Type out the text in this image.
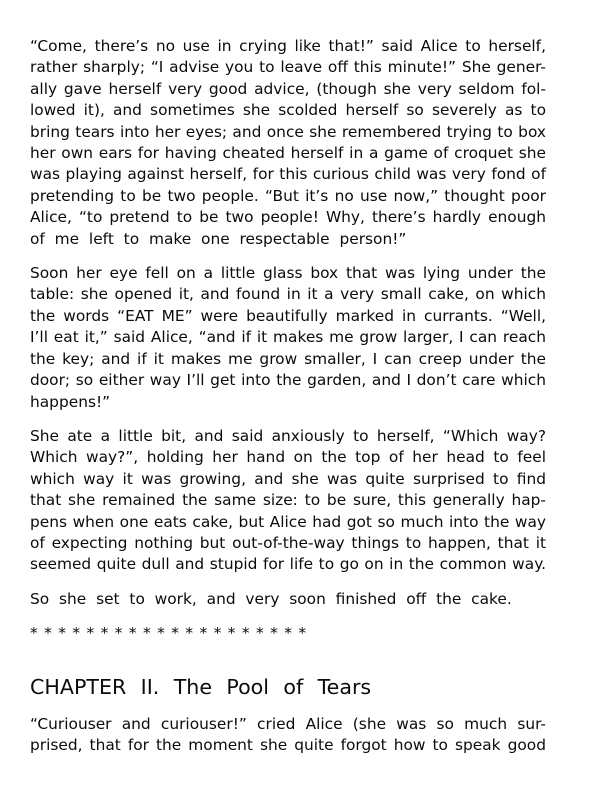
“Come, there’s no use in crying like that!” said Alice to herself,
rather sharply; “I advise you to leave off this minute!” She gener-
ally gave herself very good advice, (though she very seldom fol-
lowed it), and sometimes she scolded herself so severely as to
bring tears into her eyes; and once she remembered trying to box
her own ears for having cheated herself in a game of croquet she
was playing against herself, for this curious child was very fond of
pretending to be two people. “But it’s no use now,” thought poor
Alice, “to pretend to be two people! Why, there’s hardly enough
of me left to make one respectable person!”
Soon her eye fell on a little glass box that was lying under the
table: she opened it, and found in it a very small cake, on which
the words “EAT ME” were beautifully marked in currants. “Well,
I’ll eat it,” said Alice, “and if it makes me grow larger, I can reach
the key; and if it makes me grow smaller, I can creep under the
door; so either way I’ll get into the garden, and I don’t care which
happens!”
She ate a little bit, and said anxiously to herself, “Which way?
Which way?”, holding her hand on the top of her head to feel
which way it was growing, and she was quite surprised to find
that she remained the same size: to be sure, this generally hap-
pens when one eats cake, but Alice had got so much into the way
of expecting nothing but out-of-the-way things to happen, that it
seemed quite dull and stupid for life to go on in the common way.
So she set to work, and very soon finished off the cake.
* * * * * * * * * * * * * * * * * * * *
CHAPTER II. The Pool of Tears
“Curiouser and curiouser!” cried Alice (she was so much sur-
prised, that for the moment she quite forgot how to speak good
